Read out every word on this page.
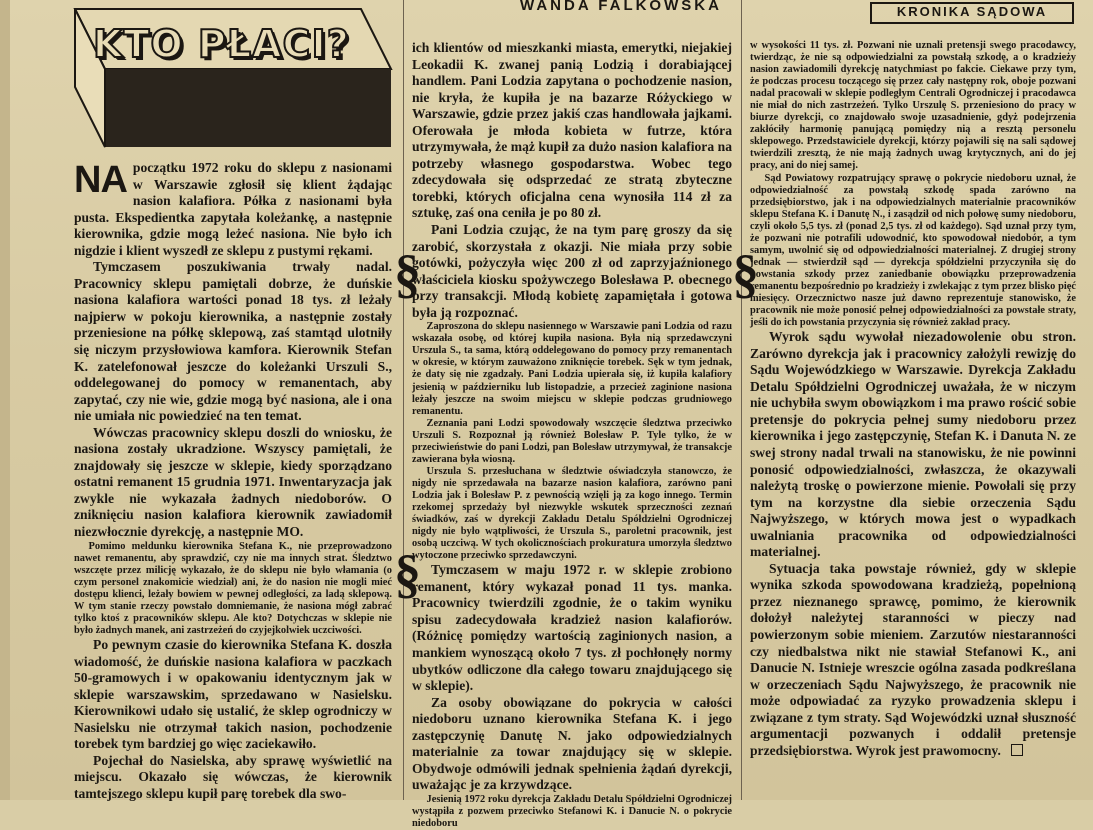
WANDA FALKOWSKA	KRONIKA SĄDOWA
KTO PŁACI?
NA początku 1972 roku do sklepu z nasionami w Warszawie zgłosił się klient żądając nasion kalafiora. Półka z nasionami była pusta. Ekspedientka zapytała koleżankę, a następnie kierownika, gdzie mogą leżeć nasiona. Nie było ich nigdzie i klient wyszedł ze sklepu z pustymi rękami.

Tymczasem poszukiwania trwały nadal. Pracownicy sklepu pamiętali dobrze, że duńskie nasiona kalafiora wartości ponad 18 tys. zł leżały najpierw w pokoju kierownika, a następnie zostały przeniesione na półkę sklepową, zaś stamtąd ulotniły się niczym przysłowiowa kamfora. Kierownik Stefan K. zatelefonował jeszcze do koleżanki Urszuli S., oddelegowanej do pomocy w remanentach, aby zapytać, czy nie wie, gdzie mogą być nasiona, ale i ona nie umiała nic powiedzieć na ten temat.

Wówczas pracownicy sklepu doszli do wniosku, że nasiona zostały ukradzione. Wszyscy pamiętali, że znajdowały się jeszcze w sklepie, kiedy sporządzano ostatni remanent 15 grudnia 1971. Inwentaryzacja jak zwykle nie wykazała żadnych niedoborów. O zniknięciu nasion kalafiora kierownik zawiadomił niezwłocznie dyrekcję, a następnie MO.

Pomimo meldunku kierownika Stefana K., nie przeprowadzono nawet remanentu, aby sprawdzić, czy nie ma innych strat. Śledztwo wszczęte przez milicję wykazało, że do sklepu nie było włamania (o czym personel znakomicie wiedział) ani, że do nasion nie mogli mieć dostępu klienci, leżały bowiem w pewnej odległości, za ladą sklepową. W tym stanie rzeczy powstało domniemanie, że nasiona mógł zabrać tylko ktoś z pracowników sklepu. Ale kto? Dotychczas w sklepie nie było żadnych manek, ani zastrzeżeń do czyjejkolwiek uczciwości.

Po pewnym czasie do kierownika Stefana K. doszła wiadomość, że duńskie nasiona kalafiora w paczkach 50-gramowych i w opakowaniu identycznym jak w sklepie warszawskim, sprzedawano w Nasielsku. Kierownikowi udało się ustalić, że sklep ogrodniczy w Nasielsku nie otrzymał takich nasion, pochodzenie torebek tym bardziej go więc zaciekawiło.

Pojechał do Nasielska, aby sprawę wyświetlić na miejscu. Okazało się wówczas, że kierownik tamtejszego sklepu kupił parę torebek dla swo-

ich klientów od mieszkanki miasta, emerytki, niejakiej Leokadii K. zwanej panią Lodzią i dorabiającej handlem. Pani Lodzia zapytana o pochodzenie nasion, nie kryła, że kupiła je na bazarze Różyckiego w Warszawie, gdzie przez jakiś czas handlowała jajkami. Oferowała je młoda kobieta w futrze, która utrzymywała, że mąż kupił za dużo nasion kalafiora na potrzeby własnego gospodarstwa. Wobec tego zdecydowała się odsprzedać ze stratą zbyteczne torebki, których oficjalna cena wynosiła 114 zł za sztukę, zaś ona ceniła je po 80 zł.

Pani Lodzia czując, że na tym parę groszy da się zarobić, skorzystała z okazji. Nie miała przy sobie gotówki, pożyczyła więc 200 zł od zaprzyjaźnionego właściciela kiosku spożywczego Bolesława P. obecnego przy transakcji. Młodą kobietę zapamiętała i gotowa była ją rozpoznać.

Zaproszona do sklepu nasiennego w Warszawie pani Lodzia od razu wskazała osobę, od której kupiła nasiona. Była nią sprzedawczyni Urszula S., ta sama, którą oddelegowano do pomocy przy remanentach w okresie, w którym zauważono zniknięcie torebek. Sęk w tym jednak, że daty się nie zgadzały. Pani Lodzia upierała się, iż kupiła kalafiory jesienią w październiku lub listopadzie, a przecież zaginione nasiona leżały jeszcze na swoim miejscu w sklepie podczas grudniowego remanentu.

Zeznania pani Lodzi spowodowały wszczęcie śledztwa przeciwko Urszuli S. Rozpoznał ją również Bolesław P. Tyle tylko, że w przeciwieństwie do pani Lodzi, pan Bolesław utrzymywał, że transakcje zawierana była wiosną.

Urszula S. przesłuchana w śledztwie oświadczyła stanowczo, że nigdy nie sprzedawała na bazarze nasion kalafiora, zarówno pani Lodzia jak i Bolesław P. z pewnością wzięli ją za kogo innego. Termin rzekomej sprzedaży był niezwykle wskutek sprzeczności zeznań świadków, zaś w dyrekcji Zakładu Detalu Spółdzielni Ogrodniczej nigdy nie było wątpliwości, że Urszula S., paroletni pracownik, jest osobą uczciwą. W tych okolicznościach prokuratura umorzyła śledztwo wytoczone przeciwko sprzedawczyni.

Tymczasem w maju 1972 r. w sklepie zrobiono remanent, który wykazał ponad 11 tys. manka. Pracownicy twierdzili zgodnie, że o takim wyniku spisu zadecydowała kradzież nasion kalafiorów. (Różnicę pomiędzy wartością zaginionych nasion, a mankiem wynoszącą około 7 tys. zł pochłonęły normy ubytków odliczone dla całego towaru znajdującego się w sklepie).

Za osoby obowiązane do pokrycia w całości niedoboru uznano kierownika Stefana K. i jego zastępczynię Danutę N. jako odpowiedzialnych materialnie za towar znajdujący się w sklepie. Obydwoje odmówili jednak spełnienia żądań dyrekcji, uważając je za krzywdzące.

Jesienią 1972 roku dyrekcja Zakładu Detalu Spółdzielni Ogrodniczej wystąpiła z pozwem przeciwko Stefanowi K. i Danucie N. o pokrycie niedoboru

w wysokości 11 tys. zł. Pozwani nie uznali pretensji swego pracodawcy, twierdząc, że nie są odpowiedzialni za powstałą szkodę, a o kradzieży nasion zawiadomili dyrekcję natychmiast po fakcie. Ciekawe przy tym, że podczas procesu toczącego się przez cały następny rok, oboje pozwani nadal pracowali w sklepie podległym Centrali Ogrodniczej i pracodawca nie miał do nich zastrzeżeń. Tylko Urszulę S. przeniesiono do pracy w biurze dyrekcji, co znajdowało swoje uzasadnienie, gdyż podejrzenia zakłóciły harmonię panującą pomiędzy nią a resztą personelu sklepowego. Przedstawiciele dyrekcji, którzy pojawili się na sali sądowej twierdzili zresztą, że nie mają żadnych uwag krytycznych, ani do jej pracy, ani do niej samej.

Sąd Powiatowy rozpatrujący sprawę o pokrycie niedoboru uznał, że odpowiedzialność za powstałą szkodę spada zarówno na przedsiębiorstwo, jak i na odpowiedzialnych materialnie pracowników sklepu Stefana K. i Danutę N., i zasądził od nich połowę sumy niedoboru, czyli około 5,5 tys. zł (ponad 2,5 tys. zł od każdego). Sąd uznał przy tym, że pozwani nie potrafili udowodnić, kto spowodował niedobór, a tym samym, uwolnić się od odpowiedzialności materialnej. Z drugiej strony jednak — stwierdził sąd — dyrekcja spółdzielni przyczyniła się do powstania szkody przez zaniedbanie obowiązku przeprowadzenia remanentu bezpośrednio po kradzieży i zwlekając z tym przez blisko pięć miesięcy. Orzecznictwo nasze już dawno reprezentuje stanowisko, że pracownik nie może ponosić pełnej odpowiedzialności za powstałe straty, jeśli do ich powstania przyczynia się również zakład pracy.

Wyrok sądu wywołał niezadowolenie obu stron. Zarówno dyrekcja jak i pracownicy założyli rewizję do Sądu Wojewódzkiego w Warszawie. Dyrekcja Zakładu Detalu Spółdzielni Ogrodniczej uważała, że w niczym nie uchybiła swym obowiązkom i ma prawo rościć sobie pretensje do pokrycia pełnej sumy niedoboru przez kierownika i jego zastępczynię, Stefan K. i Danuta N. ze swej strony nadal trwali na stanowisku, że nie powinni ponosić odpowiedzialności, zwłaszcza, że okazywali należytą troskę o powierzone mienie. Powołali się przy tym na korzystne dla siebie orzeczenia Sądu Najwyższego, w których mowa jest o wypadkach uwalniania pracownika od odpowiedzialności materialnej.

Sytuacja taka powstaje również, gdy w sklepie wynika szkoda spowodowana kradzieżą, popełnioną przez nieznanego sprawcę, pomimo, że kierownik dołożył należytej staranności w pieczy nad powierzonym sobie mieniem. Zarzutów niestaranności czy niedbalstwa nikt nie stawiał Stefanowi K., ani Danucie N. Istnieje wreszcie ogólna zasada podkreślana w orzeczeniach Sądu Najwyższego, że pracownik nie może odpowiadać za ryzyko prowadzenia sklepu i związane z tym straty. Sąd Wojewódzki uznał słuszność argumentacji pozwanych i oddalił pretensje przedsiębiorstwa. Wyrok jest prawomocny.

§	§
§
